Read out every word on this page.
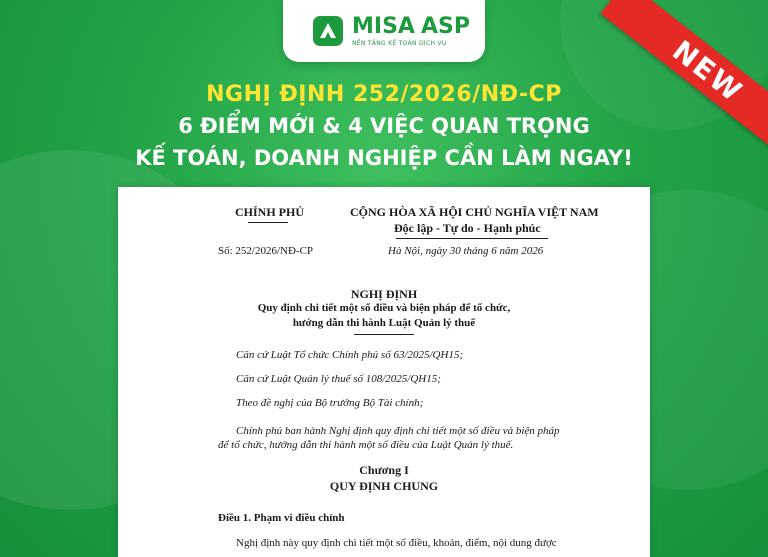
MISA ASP
NỀN TẢNG KẾ TOÁN DỊCH VỤ	NEW
NGHỊ ĐỊNH 252/2026/NĐ-CP
6 ĐIỂM MỚI & 4 VIỆC QUAN TRỌNG
KẾ TOÁN, DOANH NGHIỆP CẦN LÀM NGAY!
CHÍNH PHỦ	CỘNG HÒA XÃ HỘI CHỦ NGHĨA VIỆT NAM
Độc lập - Tự do - Hạnh phúc
Số: 252/2026/NĐ-CP	Hà Nội, ngày 30 tháng 6 năm 2026
NGHỊ ĐỊNH
Quy định chi tiết một số điều và biện pháp để tổ chức,
hướng dẫn thi hành Luật Quản lý thuế
Căn cứ Luật Tổ chức Chính phủ số 63/2025/QH15;
Căn cứ Luật Quản lý thuế số 108/2025/QH15;
Theo đề nghị của Bộ trưởng Bộ Tài chính;
Chính phủ ban hành Nghị định quy định chi tiết một số điều và biện pháp
để tổ chức, hướng dẫn thi hành một số điều của Luật Quản lý thuế.
Chương I
QUY ĐỊNH CHUNG
Điều 1. Phạm vi điều chỉnh
Nghị định này quy định chi tiết một số điều, khoản, điểm, nội dung được
